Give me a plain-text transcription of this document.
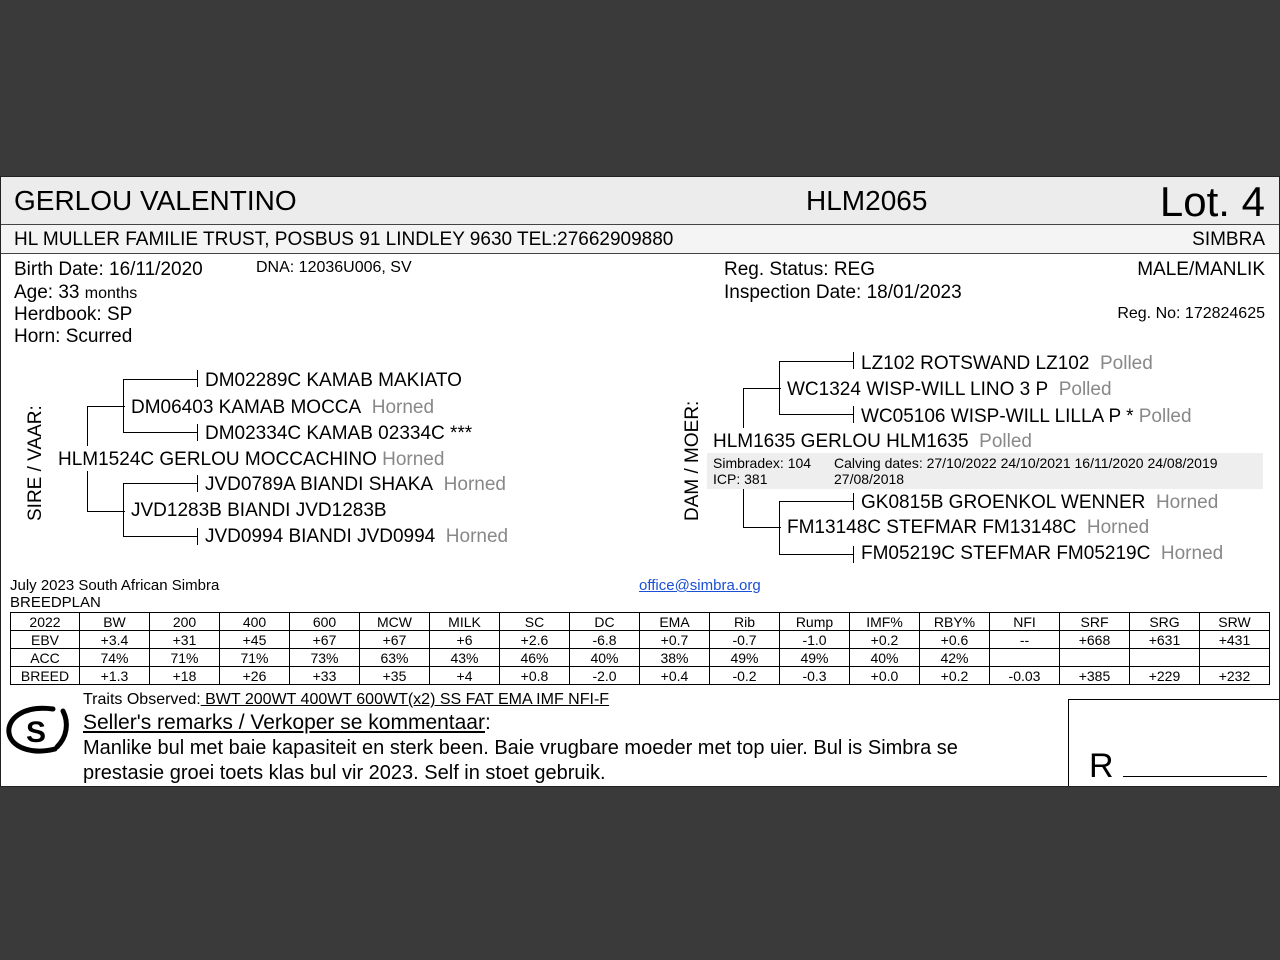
GERLOU VALENTINO	HLM2065	Lot. 4
HL MULLER FAMILIE TRUST, POSBUS 91 LINDLEY 9630 TEL:27662909880	SIMBRA
Birth Date: 16/11/2020	DNA: 12036U006, SV
Age: 33 months
Herdbook: SP
Horn: Scurred
Reg. Status: REG
Inspection Date: 18/01/2023
MALE/MANLIK
Reg. No: 172824625
SIRE / VAAR:
DM02289C KAMAB MAKIATO
DM06403 KAMAB MOCCA Horned
DM02334C KAMAB 02334C ***
HLM1524C GERLOU MOCCACHINO Horned
JVD0789A BIANDI SHAKA Horned
JVD1283B BIANDI JVD1283B
JVD0994 BIANDI JVD0994 Horned
DAM / MOER:
LZ102 ROTSWAND LZ102 Polled
WC1324 WISP-WILL LINO 3 P Polled
WC05106 WISP-WILL LILLA P * Polled
HLM1635 GERLOU HLM1635 Polled
Simbradex: 104
ICP: 381
Calving dates: 27/10/2022 24/10/2021 16/11/2020 24/08/2019
27/08/2018
GK0815B GROENKOL WENNER Horned
FM13148C STEFMAR FM13148C Horned
FM05219C STEFMAR FM05219C Horned
July 2023 South African Simbra
BREEDPLAN
office@simbra.org
2022	BW	200	400	600	MCW	MILK	SC	DC	EMA	Rib	Rump	IMF%	RBY%	NFI	SRF	SRG	SRW
EBV	+3.4	+31	+45	+67	+67	+6	+2.6	-6.8	+0.7	-0.7	-1.0	+0.2	+0.6	--	+668	+631	+431
ACC	74%	71%	71%	73%	63%	43%	46%	40%	38%	49%	49%	40%	42%				
BREED	+1.3	+18	+26	+33	+35	+4	+0.8	-2.0	+0.4	-0.2	-0.3	+0.0	+0.2	-0.03	+385	+229	+232
S
Traits Observed: BWT 200WT 400WT 600WT(x2) SS FAT EMA IMF NFI-F
Seller's remarks / Verkoper se kommentaar:
Manlike bul met baie kapasiteit en sterk been. Baie vrugbare moeder met top uier. Bul is Simbra se
prestasie groei toets klas bul vir 2023. Self in stoet gebruik.	R
